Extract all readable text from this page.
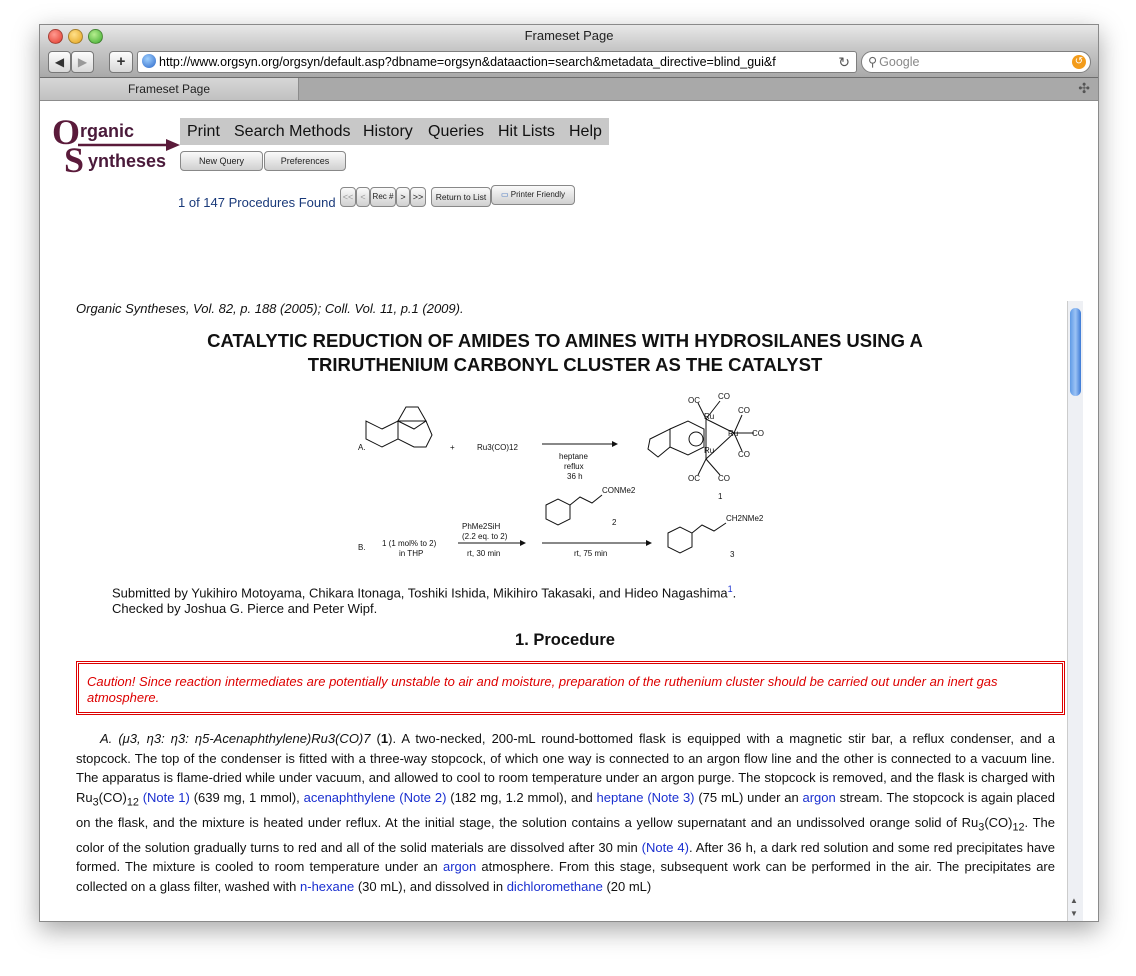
Frameset Page
◀	▶	+	http://www.orgsyn.org/orgsyn/default.asp?dbname=orgsyn&dataaction=search&metadata_directive=blind_gui&f	↻	⚲ Google	↺
Frameset Page	✣
O rganic
S yntheses
Print Search Methods History Queries Hit Lists Help
New Query	Preferences
1 of 147 Procedures Found << < Rec # > >>	Return to List	▭ Printer Friendly
Organic Syntheses, Vol. 82, p. 188 (2005); Coll. Vol. 11, p.1 (2009).
CATALYTIC REDUCTION OF AMIDES TO AMINES WITH HYDROSILANES USING A
TRIRUTHENIUM CARBONYL CLUSTER AS THE CATALYST
A.	+	Ru3(CO)12
heptane
reflux
36 h
OC CO
Ru
CO
Ru CO
Ru	CO
OC CO
1
B. 1 (1 mol% to 2)
in THP
PhMe2SiH
(2.2 eq. to 2)
rt, 30 min
CONMe2
2
rt, 75 min
CH2NMe2
3
Submitted by Yukihiro Motoyama, Chikara Itonaga, Toshiki Ishida, Mikihiro Takasaki, and Hideo Nagashima$^1$.
Checked by Joshua G. Pierce and Peter Wipf.
1. Procedure
Caution! Since reaction intermediates are potentially unstable to air and moisture, preparation of the ruthenium cluster should be carried out under an inert gas atmosphere.
A. (μ3, η3: η3: η5-Acenaphthylene)Ru3(CO)7 (1). A two-necked, 200-mL round-bottomed flask is equipped with a magnetic stir bar, a reflux condenser, and a stopcock. The top of the condenser is fitted with a three-way stopcock, of which one way is connected to an argon flow line and the other is connected to a vacuum line. The apparatus is flame-dried while under vacuum, and allowed to cool to room temperature under an argon purge. The stopcock is removed, and the flask is charged with $Ru_3(CO)_{12}$ (Note 1) (639 mg, 1 mmol), acenaphthylene (Note 2) (182 mg, 1.2 mmol), and heptane (Note 3) (75 mL) under an argon stream. The stopcock is again placed on the flask, and the mixture is heated under reflux. At the initial stage, the solution contains a yellow supernatant and an undissolved orange solid of $Ru_3(CO)_{12}$. The color of the solution gradually turns to red and all of the solid materials are dissolved after 30 min (Note 4). After 36 h, a dark red solution and some red precipitates have formed. The mixture is cooled to room temperature under an argon atmosphere. From this stage, subsequent work can be performed in the air. The precipitates are collected on a glass filter, washed with n-hexane (30 mL), and dissolved in dichloromethane (20 mL)
▲
▼
